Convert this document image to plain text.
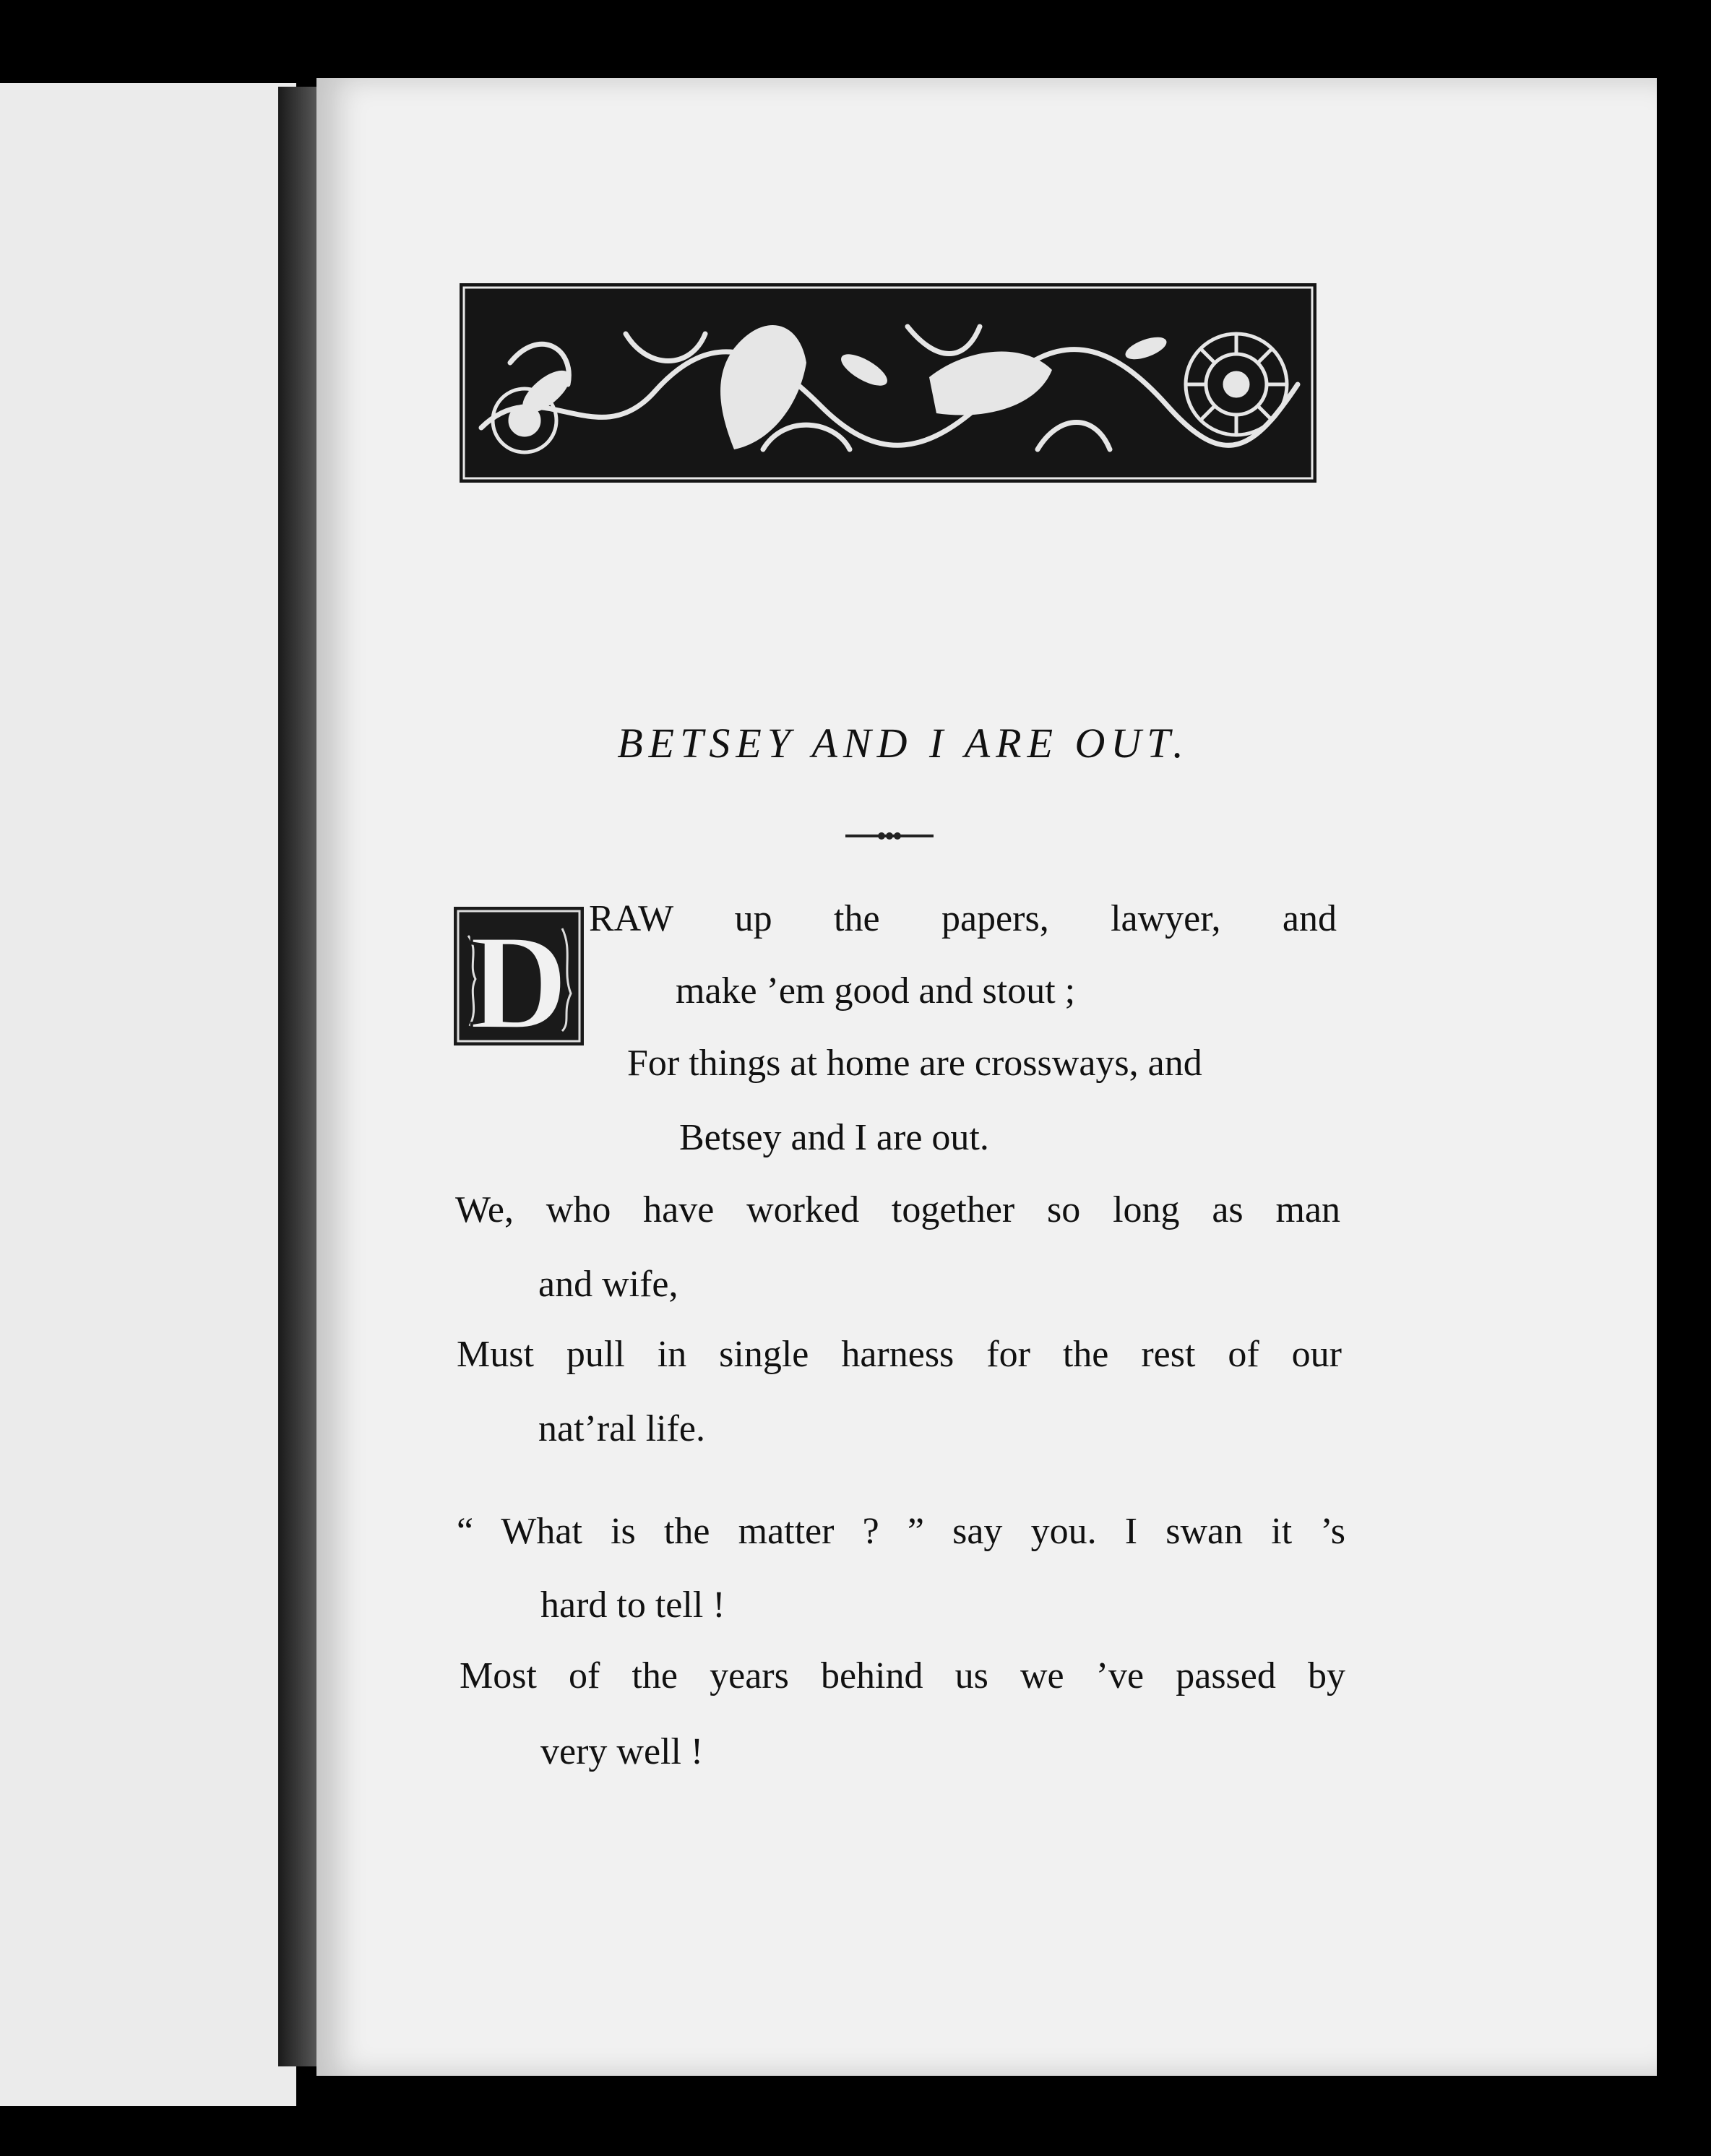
BETSEY AND I ARE OUT.
D RAW up the papers, lawyer, and

make ’em good and stout ;

For things at home are crossways, and

Betsey and I are out.

We, who have worked together so long as man

and wife,

Must pull in single harness for the rest of our

nat’ral life.

“ What is the matter ? ” say you. I swan it ’s

hard to tell !

Most of the years behind us we ’ve passed by

very well !
